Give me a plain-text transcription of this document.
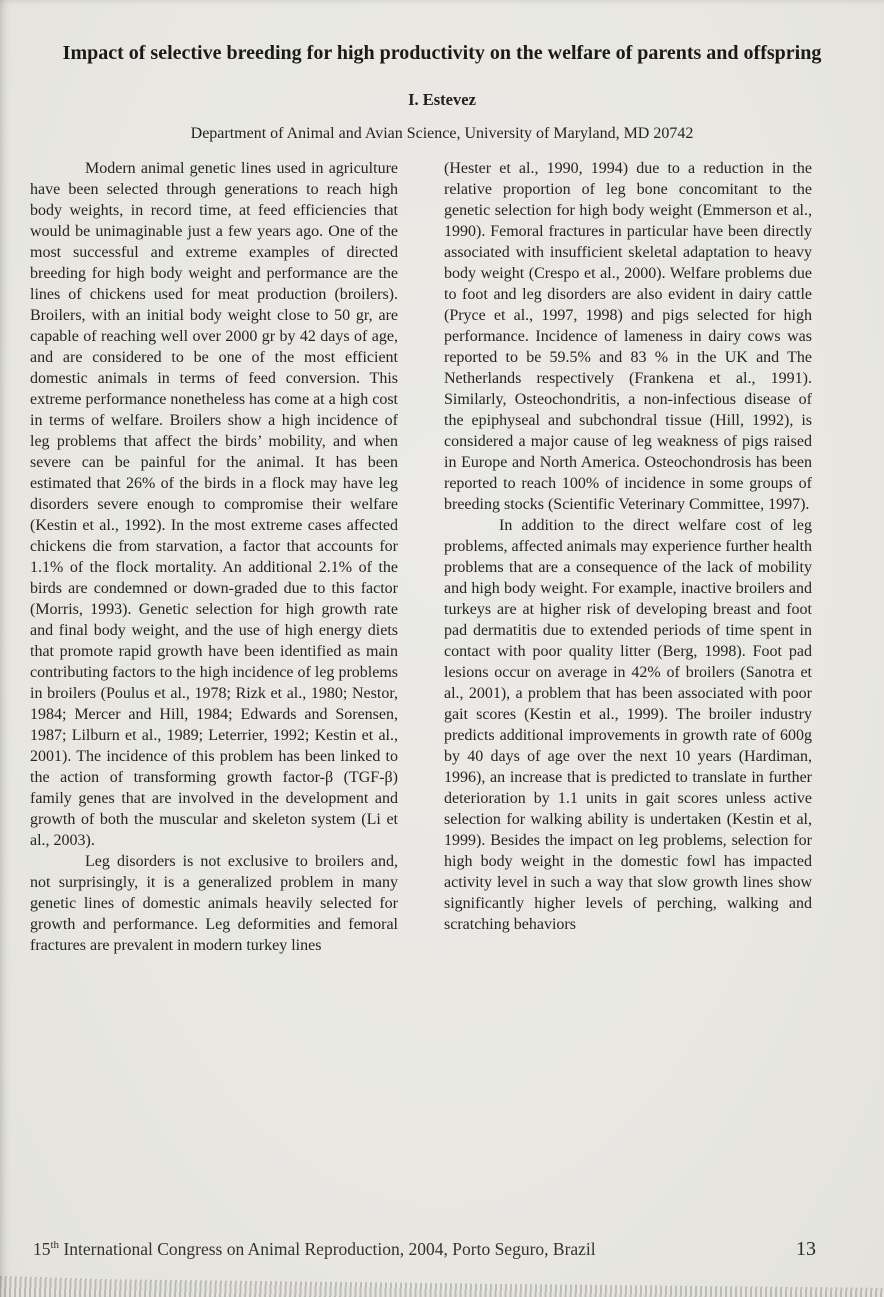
Impact of selective breeding for high productivity on the welfare of parents and offspring
I. Estevez
Department of Animal and Avian Science, University of Maryland, MD 20742

Modern animal genetic lines used in agriculture have been selected through generations to reach high body weights, in record time, at feed efficiencies that would be unimaginable just a few years ago. One of the most successful and extreme examples of directed breeding for high body weight and performance are the lines of chickens used for meat production (broilers). Broilers, with an initial body weight close to 50 gr, are capable of reaching well over 2000 gr by 42 days of age, and are considered to be one of the most efficient domestic animals in terms of feed conversion. This extreme performance nonetheless has come at a high cost in terms of welfare. Broilers show a high incidence of leg problems that affect the birds’ mobility, and when severe can be painful for the animal. It has been estimated that 26% of the birds in a flock may have leg disorders severe enough to compromise their welfare (Kestin et al., 1992). In the most extreme cases affected chickens die from starvation, a factor that accounts for 1.1% of the flock mortality. An additional 2.1% of the birds are condemned or down-graded due to this factor (Morris, 1993). Genetic selection for high growth rate and final body weight, and the use of high energy diets that promote rapid growth have been identified as main contributing factors to the high incidence of leg problems in broilers (Poulus et al., 1978; Rizk et al., 1980; Nestor, 1984; Mercer and Hill, 1984; Edwards and Sorensen, 1987; Lilburn et al., 1989; Leterrier, 1992; Kestin et al., 2001). The incidence of this problem has been linked to the action of transforming growth factor-β (TGF-β) family genes that are involved in the development and growth of both the muscular and skeleton system (Li et al., 2003).

Leg disorders is not exclusive to broilers and, not surprisingly, it is a generalized problem in many genetic lines of domestic animals heavily selected for growth and performance. Leg deformities and femoral fractures are prevalent in modern turkey lines

(Hester et al., 1990, 1994) due to a reduction in the relative proportion of leg bone concomitant to the genetic selection for high body weight (Emmerson et al., 1990). Femoral fractures in particular have been directly associated with insufficient skeletal adaptation to heavy body weight (Crespo et al., 2000). Welfare problems due to foot and leg disorders are also evident in dairy cattle (Pryce et al., 1997, 1998) and pigs selected for high performance. Incidence of lameness in dairy cows was reported to be 59.5% and 83 % in the UK and The Netherlands respectively (Frankena et al., 1991). Similarly, Osteochondritis, a non-infectious disease of the epiphyseal and subchondral tissue (Hill, 1992), is considered a major cause of leg weakness of pigs raised in Europe and North America. Osteochondrosis has been reported to reach 100% of incidence in some groups of breeding stocks (Scientific Veterinary Committee, 1997).

In addition to the direct welfare cost of leg problems, affected animals may experience further health problems that are a consequence of the lack of mobility and high body weight. For example, inactive broilers and turkeys are at higher risk of developing breast and foot pad dermatitis due to extended periods of time spent in contact with poor quality litter (Berg, 1998). Foot pad lesions occur on average in 42% of broilers (Sanotra et al., 2001), a problem that has been associated with poor gait scores (Kestin et al., 1999). The broiler industry predicts additional improvements in growth rate of 600g by 40 days of age over the next 10 years (Hardiman, 1996), an increase that is predicted to translate in further deterioration by 1.1 units in gait scores unless active selection for walking ability is undertaken (Kestin et al, 1999). Besides the impact on leg problems, selection for high body weight in the domestic fowl has impacted activity level in such a way that slow growth lines show significantly higher levels of perching, walking and scratching behaviors

15th International Congress on Animal Reproduction, 2004, Porto Seguro, Brazil	13
